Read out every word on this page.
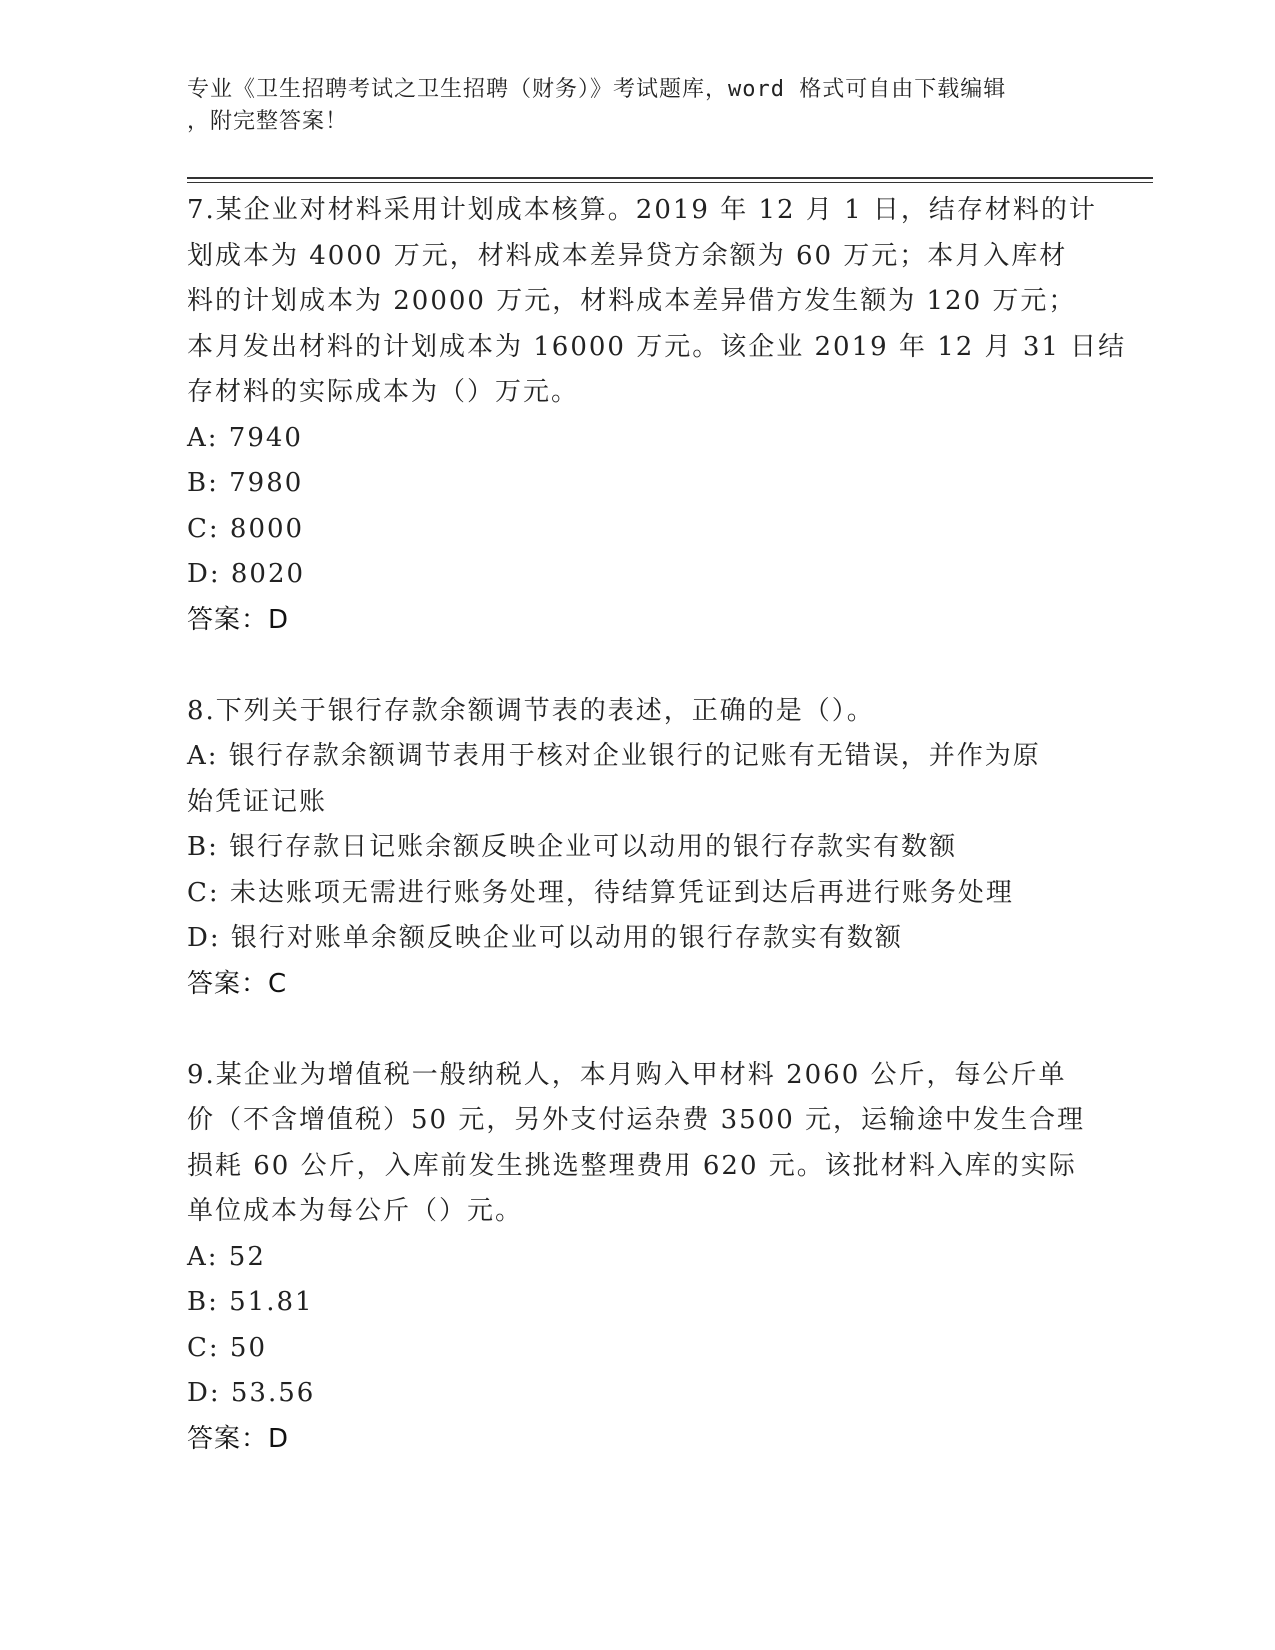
专业《卫生招聘考试之卫生招聘（财务）》考试题库，word 格式可自由下载编辑
，附完整答案！
7.某企业对材料采用计划成本核算。2019 年 12 月 1 日，结存材料的计
划成本为 4000 万元，材料成本差异贷方余额为 60 万元；本月入库材
料的计划成本为 20000 万元，材料成本差异借方发生额为 120 万元；
本月发出材料的计划成本为 16000 万元。该企业 2019 年 12 月 31 日结
存材料的实际成本为（）万元。
A: 7940
B: 7980
C: 8000
D: 8020
答案：D
8.下列关于银行存款余额调节表的表述，正确的是（）。
A: 银行存款余额调节表用于核对企业银行的记账有无错误，并作为原
始凭证记账
B: 银行存款日记账余额反映企业可以动用的银行存款实有数额
C: 未达账项无需进行账务处理，待结算凭证到达后再进行账务处理
D: 银行对账单余额反映企业可以动用的银行存款实有数额
答案：C
9.某企业为增值税一般纳税人，本月购入甲材料 2060 公斤，每公斤单
价（不含增值税）50 元，另外支付运杂费 3500 元，运输途中发生合理
损耗 60 公斤，入库前发生挑选整理费用 620 元。该批材料入库的实际
单位成本为每公斤（）元。
A: 52
B: 51.81
C: 50
D: 53.56
答案：D
